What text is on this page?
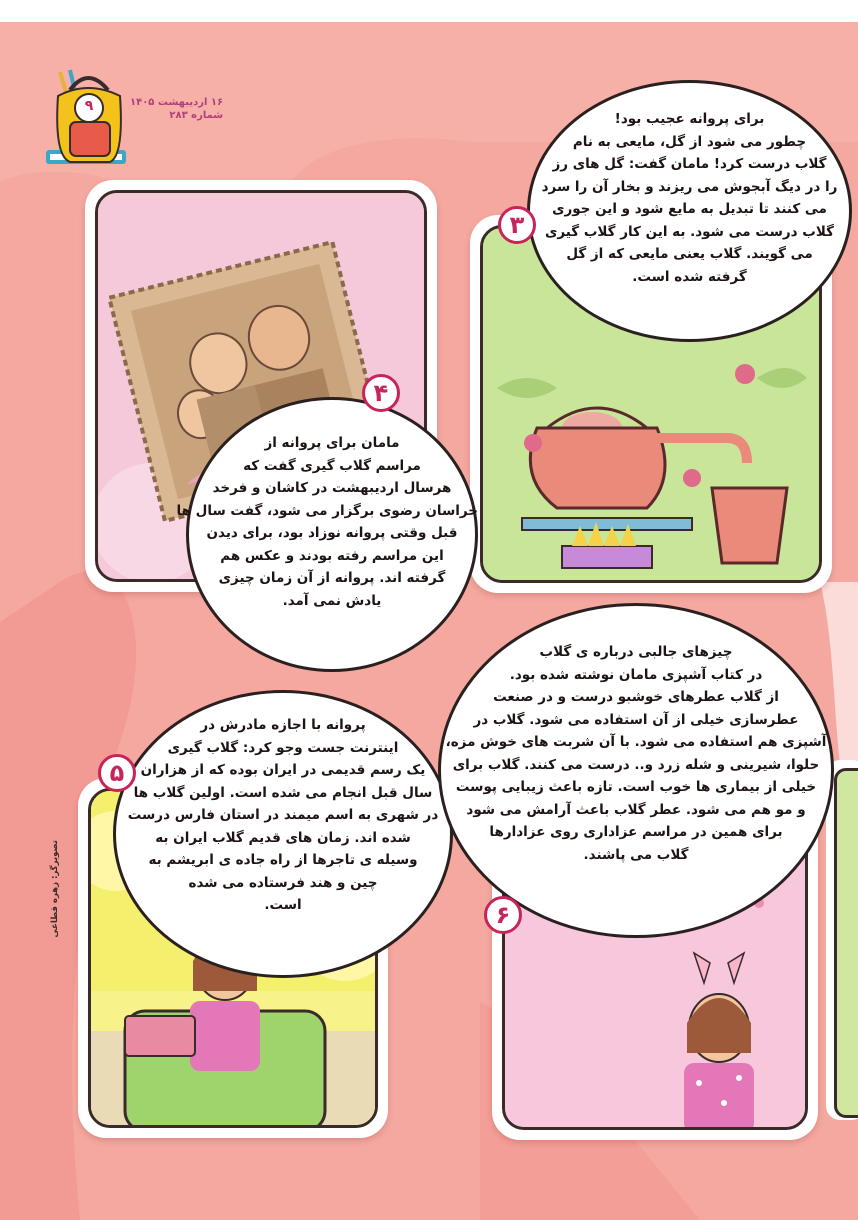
۹	۱۶ اردیبهشت ۱۴۰۵
شماره ۲۸۳	برای پروانه عجیب بود!
چطور می شود از گل، مایعی به نام
گلاب درست کرد! مامان گفت: گل های رز
را در دیگ آبجوش می ریزند و بخار آن را سرد
می کنند تا تبدیل به مایع شود و این جوری
گلاب درست می شود. به این کار گلاب گیری
می گویند. گلاب یعنی مایعی که از گل
گرفته شده است.
۳
مامان برای پروانه از
مراسم گلاب گیری گفت که
هرسال اردیبهشت در کاشان و فرخد
خراسان رضوی برگزار می شود، گفت سال ها
قبل وقتی پروانه نوزاد بود، برای دیدن
این مراسم رفته بودند و عکس هم
گرفته اند. پروانه از آن زمان چیزی
یادش نمی آمد.
۴
پروانه با اجازه مادرش در
اینترنت جست وجو کرد: گلاب گیری
یک رسم قدیمی در ایران بوده که از هزاران
سال قبل انجام می شده است. اولین گلاب ها
در شهری به اسم میمند در استان فارس درست
شده اند. زمان های قدیم گلاب ایران به
وسیله ی تاجرها از راه جاده ی ابریشم به
چین و هند فرستاده می شده
است.
۵
چیزهای جالبی درباره ی گلاب
در کتاب آشپزی مامان نوشته شده بود.
از گلاب عطرهای خوشبو درست و در صنعت
عطرسازی خیلی از آن استفاده می شود. گلاب در
آشپزی هم استفاده می شود. با آن شربت های خوش مزه،
حلوا، شیرینی و شله زرد و.. درست می کنند. گلاب برای
خیلی از بیماری ها خوب است. تازه باعث زیبایی پوست
و مو هم می شود. عطر گلاب باعث آرامش می شود
برای همین در مراسم عزاداری روی عزادارها
گلاب می پاشند.
۶
تصویرگر: زهره قطاعی
